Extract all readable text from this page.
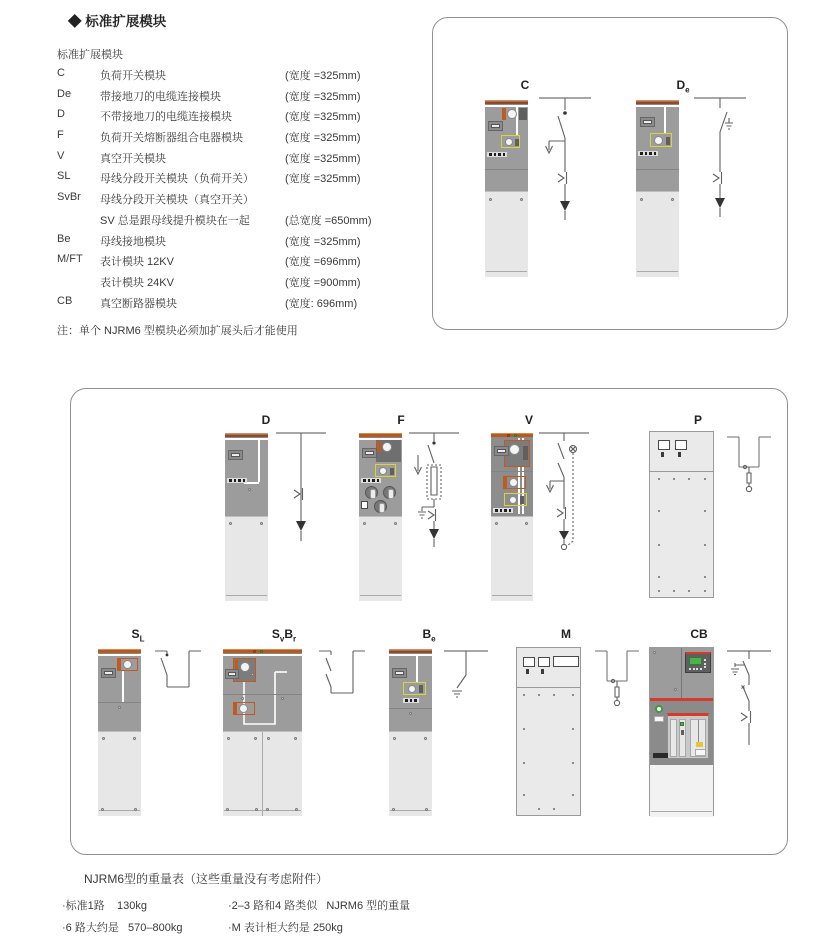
◆ 标准扩展模块
标准扩展模块
C	负荷开关模块	(宽度 =325mm)
De	带接地刀的电缆连接模块	(宽度 =325mm)
D	不带接地刀的电缆连接模块	(宽度 =325mm)
F	负荷开关熔断器组合电器模块	(宽度 =325mm)
V	真空开关模块	(宽度 =325mm)
SL	母线分段开关模块（负荷开关）	(宽度 =325mm)
SvBr 母线分段开关模块（真空开关）
SV 总是跟母线提升模块在一起	(总宽度 =650mm)
Be	母线接地模块	(宽度 =325mm)
M/FT 表计模块 12KV	(宽度 =696mm)
表计模块 24KV	(宽度 =900mm)
CB	真空断路器模块	(宽度: 696mm)
注：单个 NJRM6 型模块必须加扩展头后才能使用
C	$D_e$
D	F	V	P
$S_L$	$S_vB_r$	$B_e$	M	CB
NJRM6型的重量表（这些重量没有考虑附件）
·标准1路    130kg	·2–3 路和4 路类似   NJRM6 型的重量
·6 路大约是   570–800kg	·M 表计柜大约是 250kg
